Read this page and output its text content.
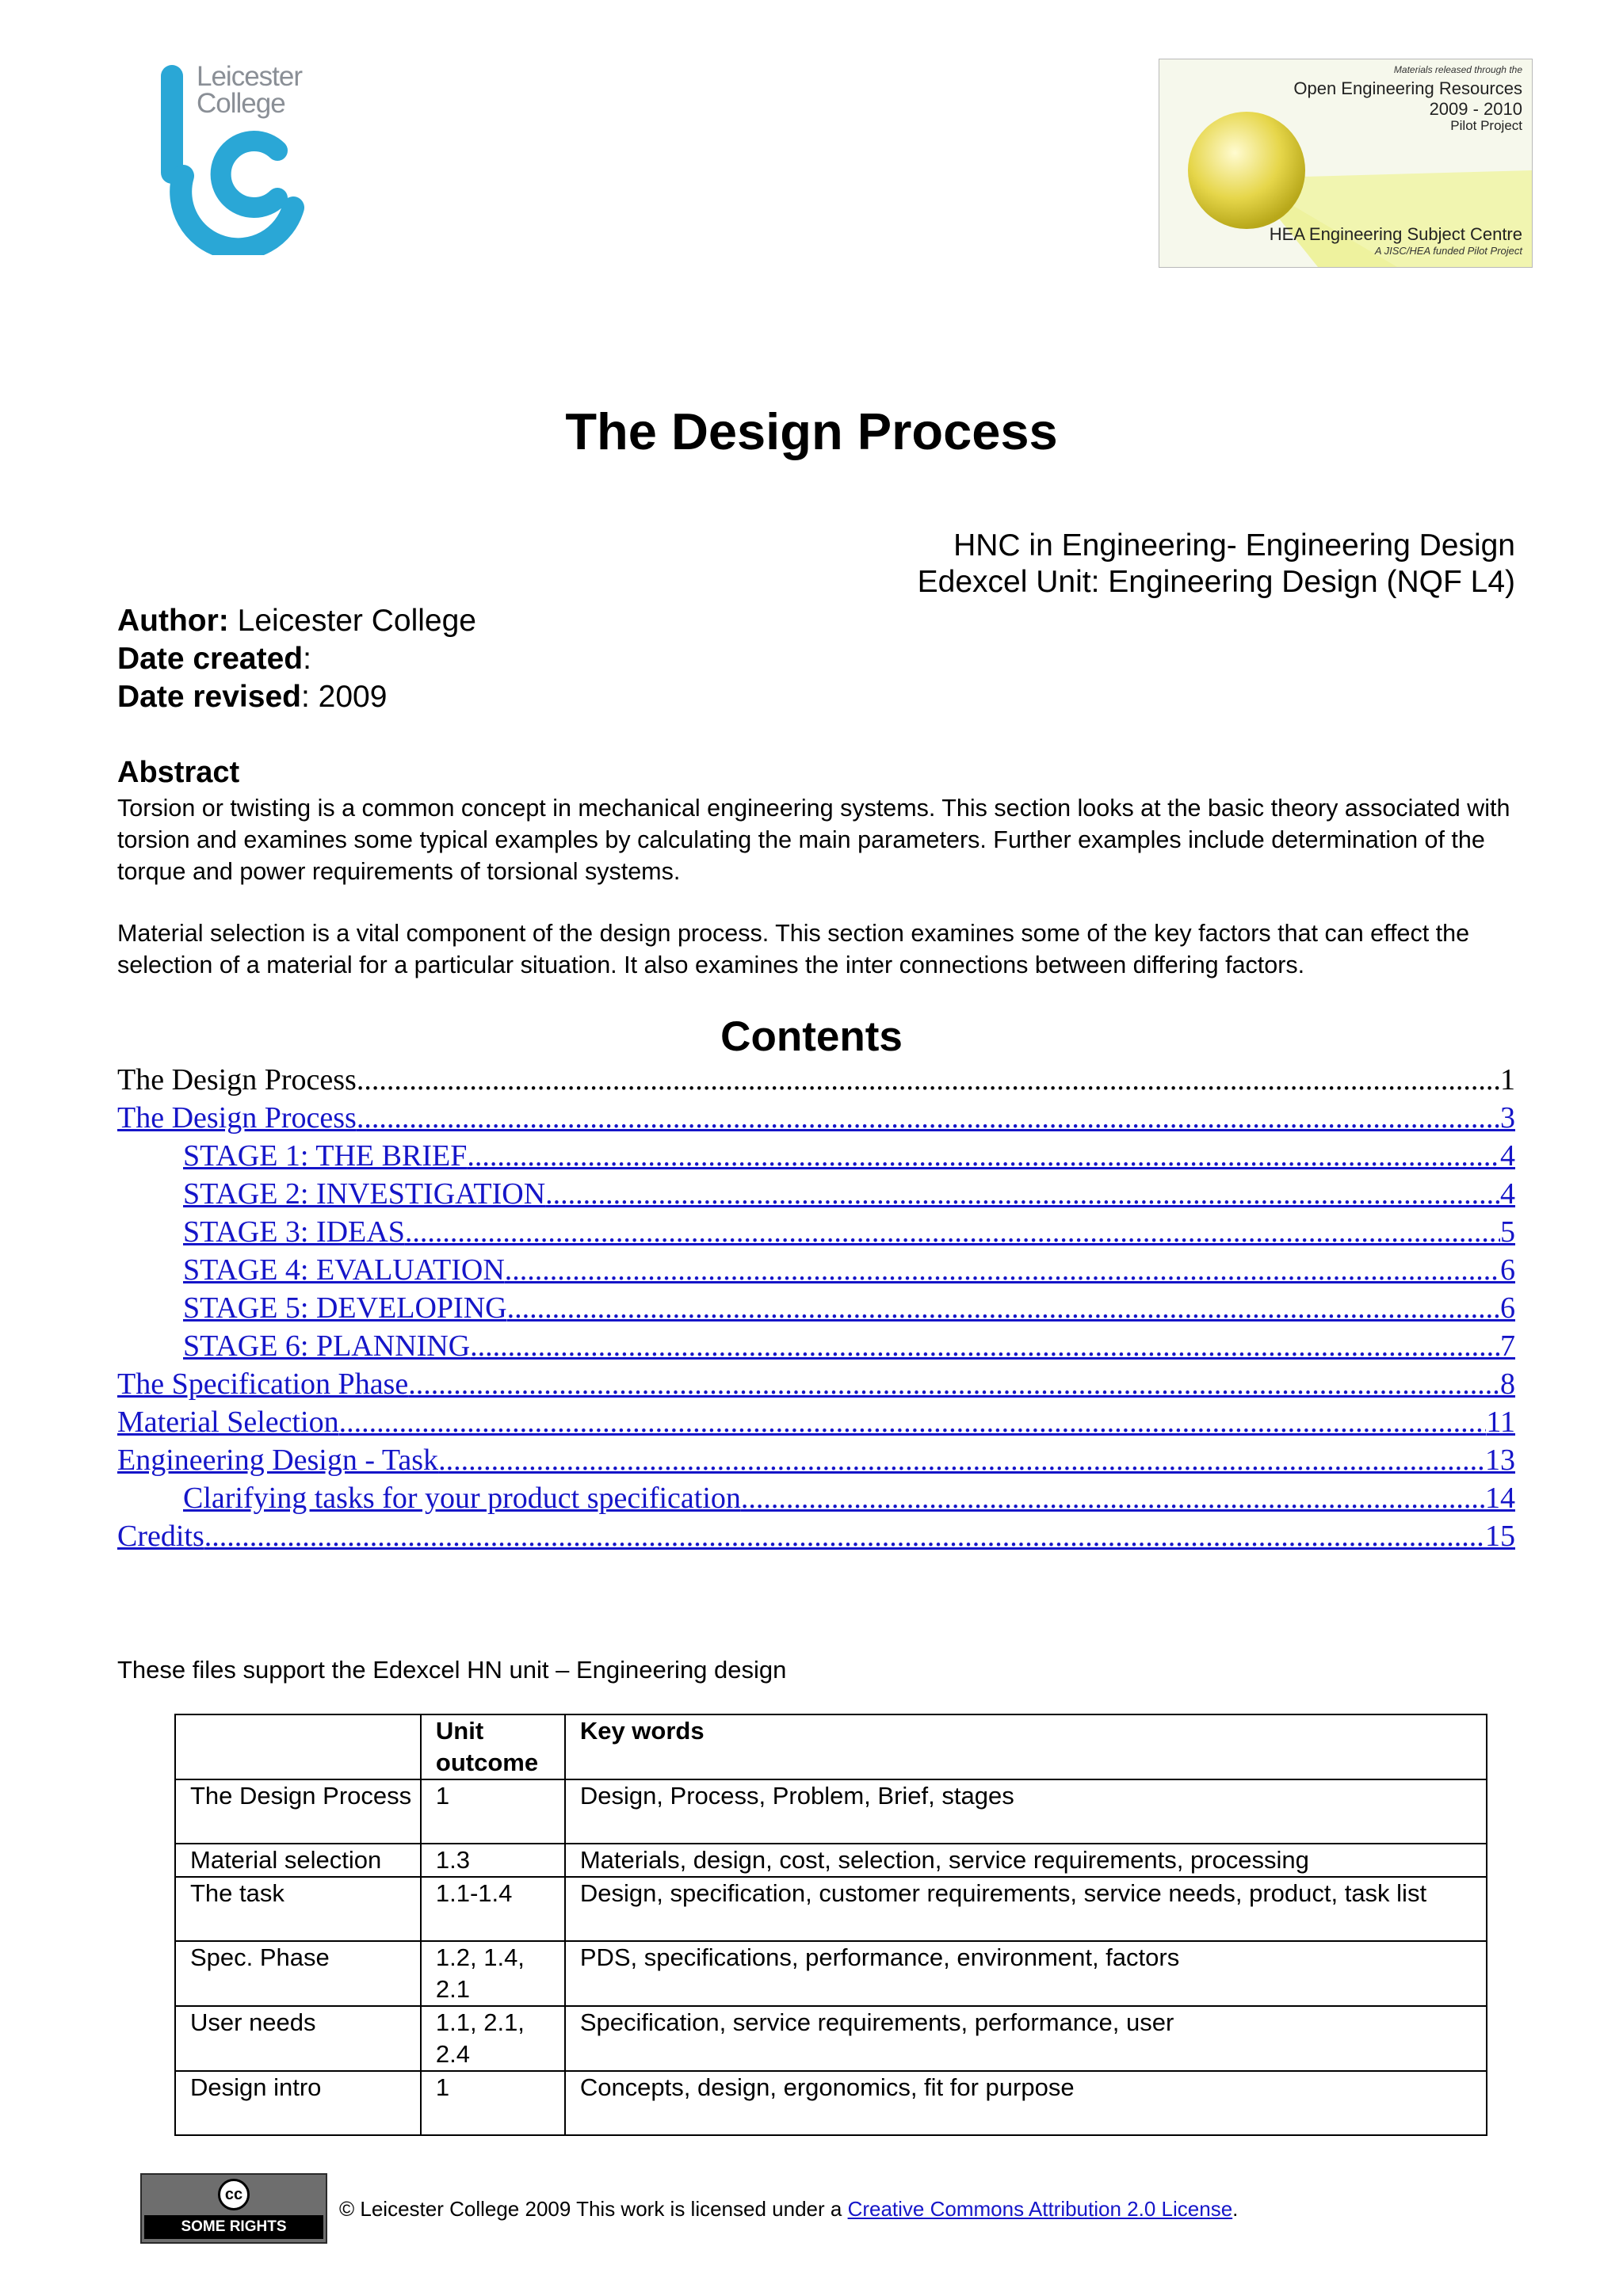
Leicester
College
Materials released through the
Open Engineering Resources
2009 - 2010
Pilot Project
HEA Engineering Subject Centre
A JISC/HEA funded Pilot Project
The Design Process
HNC in Engineering- Engineering Design
Edexcel Unit: Engineering Design (NQF L4)
Author: Leicester College
Date created:
Date revised: 2009
Abstract
Torsion or twisting is a common concept in mechanical engineering systems. This section looks at the basic theory associated with torsion and examines some typical examples by calculating the main parameters. Further examples include determination of the torque and power requirements of torsional systems.
Material selection is a vital component of the design process. This section examines some of the key factors that can effect the selection of a material for a particular situation. It also examines the inter connections between differing factors.
Contents
The Design Process .....	1
The Design Process .....	3
STAGE 1: THE BRIEF .....	4
STAGE 2: INVESTIGATION .....	4
STAGE 3: IDEAS .....	5
STAGE 4: EVALUATION .....	6
STAGE 5: DEVELOPING .....	6
STAGE 6: PLANNING .....	7
The Specification Phase .....	8
Material Selection .....	11
Engineering Design - Task .....	13
Clarifying tasks for your product specification .....	14
Credits .....	15
These files support the Edexcel HN unit – Engineering design
	Unit outcome	Key words
The Design Process	1	Design, Process, Problem, Brief, stages
Material selection	1.3	Materials, design, cost, selection, service requirements, processing
The task	1.1-1.4	Design, specification, customer requirements, service needs, product, task list
Spec. Phase	1.2, 1.4, 2.1	PDS, specifications, performance, environment, factors
User needs	1.1, 2.1, 2.4	Specification, service requirements, performance, user
Design intro	1	Concepts, design, ergonomics, fit for purpose
cc
SOME RIGHTS RESERVED
© Leicester College 2009 This work is licensed under a Creative Commons Attribution 2.0 License.
